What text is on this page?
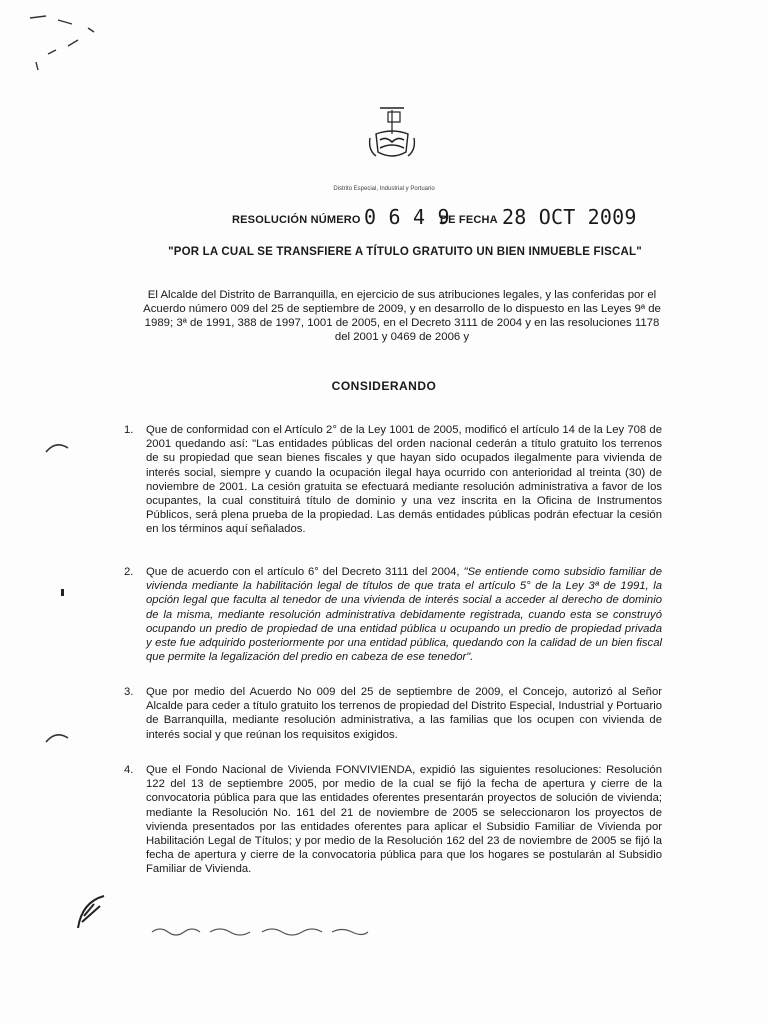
Distrito Especial, Industrial y Portuario
RESOLUCIÓN NÚMERO 0 6 4 9
DE FECHA 28 OCT 2009
"POR LA CUAL SE TRANSFIERE A TÍTULO GRATUITO UN BIEN INMUEBLE FISCAL"
El Alcalde del Distrito de Barranquilla, en ejercicio de sus atribuciones legales, y las conferidas por el Acuerdo número 009 del 25 de septiembre de 2009, y en desarrollo de lo dispuesto en las Leyes 9ª de 1989; 3ª de 1991, 388 de 1997, 1001 de 2005, en el Decreto 3111 de 2004 y en las resoluciones 1178 del 2001 y 0469 de 2006 y
CONSIDERANDO
1.	Que de conformidad con el Artículo 2° de la Ley 1001 de 2005, modificó el artículo 14 de la Ley 708 de 2001 quedando así: "Las entidades públicas del orden nacional cederán a título gratuito los terrenos de su propiedad que sean bienes fiscales y que hayan sido ocupados ilegalmente para vivienda de interés social, siempre y cuando la ocupación ilegal haya ocurrido con anterioridad al treinta (30) de noviembre de 2001. La cesión gratuita se efectuará mediante resolución administrativa a favor de los ocupantes, la cual constituirá título de dominio y una vez inscrita en la Oficina de Instrumentos Públicos, será plena prueba de la propiedad. Las demás entidades públicas podrán efectuar la cesión en los términos aquí señalados.
2.	Que de acuerdo con el artículo 6° del Decreto 3111 del 2004, "Se entiende como subsidio familiar de vivienda mediante la habilitación legal de títulos de que trata el artículo 5° de la Ley 3ª de 1991, la opción legal que faculta al tenedor de una vivienda de interés social a acceder al derecho de dominio de la misma, mediante resolución administrativa debidamente registrada, cuando esta se construyó ocupando un predio de propiedad de una entidad pública u ocupando un predio de propiedad privada y este fue adquirido posteriormente por una entidad pública, quedando con la calidad de un bien fiscal que permite la legalización del predio en cabeza de ese tenedor".
3.	Que por medio del Acuerdo No 009 del 25 de septiembre de 2009, el Concejo, autorizó al Señor Alcalde para ceder a título gratuito los terrenos de propiedad del Distrito Especial, Industrial y Portuario de Barranquilla, mediante resolución administrativa, a las familias que los ocupen con vivienda de interés social y que reúnan los requisitos exigidos.
4.	Que el Fondo Nacional de Vivienda FONVIVIENDA, expidió las siguientes resoluciones: Resolución 122 del 13 de septiembre 2005, por medio de la cual se fijó la fecha de apertura y cierre de la convocatoria pública para que las entidades oferentes presentarán proyectos de solución de vivienda; mediante la Resolución No. 161 del 21 de noviembre de 2005 se seleccionaron los proyectos de vivienda presentados por las entidades oferentes para aplicar el Subsidio Familiar de Vivienda por Habilitación Legal de Títulos; y por medio de la Resolución 162 del 23 de noviembre de 2005 se fijó la fecha de apertura y cierre de la convocatoria pública para que los hogares se postularán al Subsidio Familiar de Vivienda.
